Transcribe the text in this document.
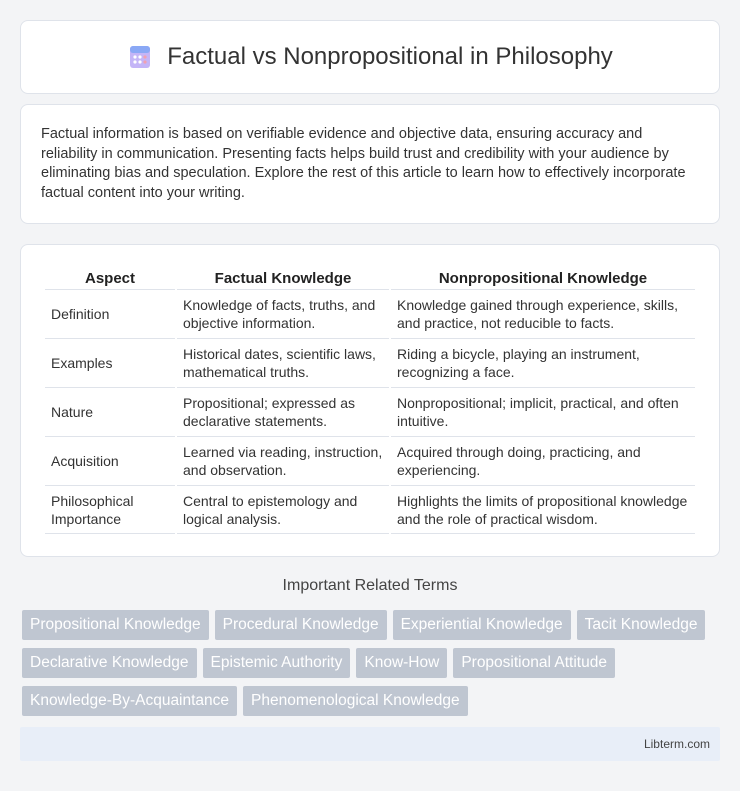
Factual vs Nonpropositional in Philosophy

Factual information is based on verifiable evidence and objective data, ensuring accuracy and reliability in communication. Presenting facts helps build trust and credibility with your audience by eliminating bias and speculation. Explore the rest of this article to learn how to effectively incorporate factual content into your writing.

Aspect	Factual Knowledge	Nonpropositional Knowledge
Definition	Knowledge of facts, truths, and objective information.	Knowledge gained through experience, skills, and practice, not reducible to facts.
Examples	Historical dates, scientific laws, mathematical truths.	Riding a bicycle, playing an instrument, recognizing a face.
Nature	Propositional; expressed as declarative statements.	Nonpropositional; implicit, practical, and often intuitive.
Acquisition	Learned via reading, instruction, and observation.	Acquired through doing, practicing, and experiencing.
Philosophical Importance	Central to epistemology and logical analysis.	Highlights the limits of propositional knowledge and the role of practical wisdom.
Important Related Terms
Propositional Knowledge	Procedural Knowledge	Experiential Knowledge	Tacit Knowledge
Declarative Knowledge	Epistemic Authority	Know-How	Propositional Attitude
Knowledge-By-Acquaintance	Phenomenological Knowledge
Libterm.com
